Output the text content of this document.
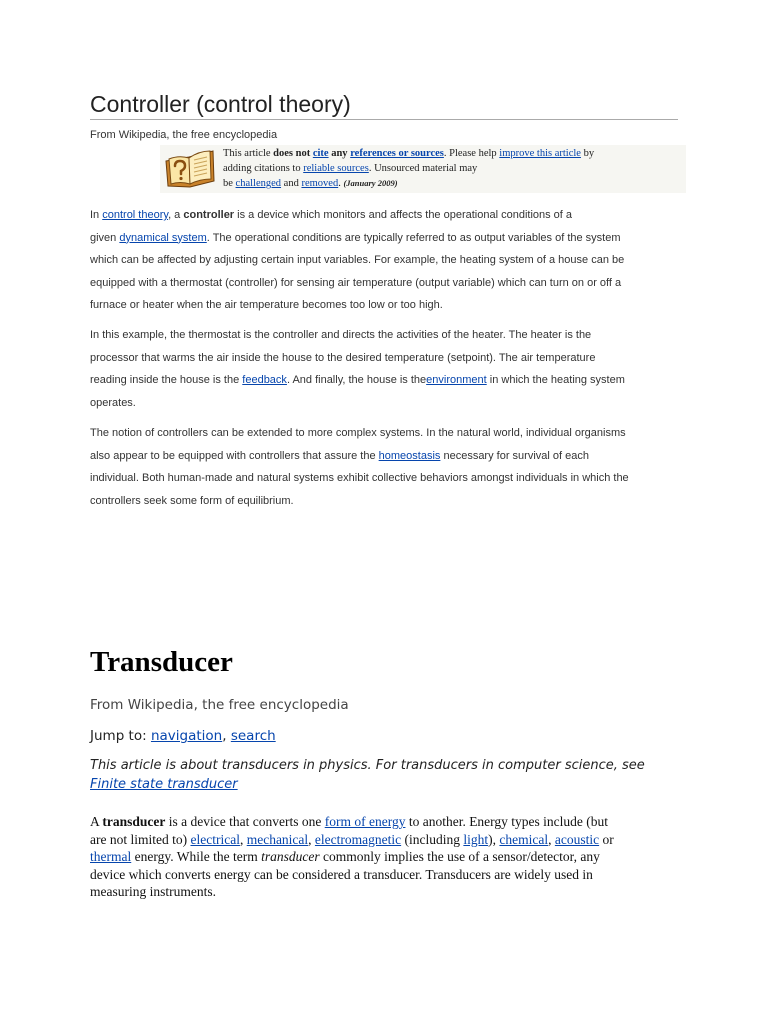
Controller (control theory)
From Wikipedia, the free encyclopedia
This article does not cite any references or sources. Please help improve this article by
adding citations to reliable sources. Unsourced material may
be challenged and removed. (January 2009)
In control theory, a controller is a device which monitors and affects the operational conditions of a
given dynamical system. The operational conditions are typically referred to as output variables of the system
which can be affected by adjusting certain input variables. For example, the heating system of a house can be
equipped with a thermostat (controller) for sensing air temperature (output variable) which can turn on or off a
furnace or heater when the air temperature becomes too low or too high.
In this example, the thermostat is the controller and directs the activities of the heater. The heater is the
processor that warms the air inside the house to the desired temperature (setpoint). The air temperature
reading inside the house is the feedback. And finally, the house is theenvironment in which the heating system
operates.
The notion of controllers can be extended to more complex systems. In the natural world, individual organisms
also appear to be equipped with controllers that assure the homeostasis necessary for survival of each
individual. Both human-made and natural systems exhibit collective behaviors amongst individuals in which the
controllers seek some form of equilibrium.
Transducer
From Wikipedia, the free encyclopedia
Jump to: navigation, search
This article is about transducers in physics. For transducers in computer science, see
Finite state transducer
A transducer is a device that converts one form of energy to another. Energy types include (but
are not limited to) electrical, mechanical, electromagnetic (including light), chemical, acoustic or
thermal energy. While the term transducer commonly implies the use of a sensor/detector, any
device which converts energy can be considered a transducer. Transducers are widely used in
measuring instruments.
